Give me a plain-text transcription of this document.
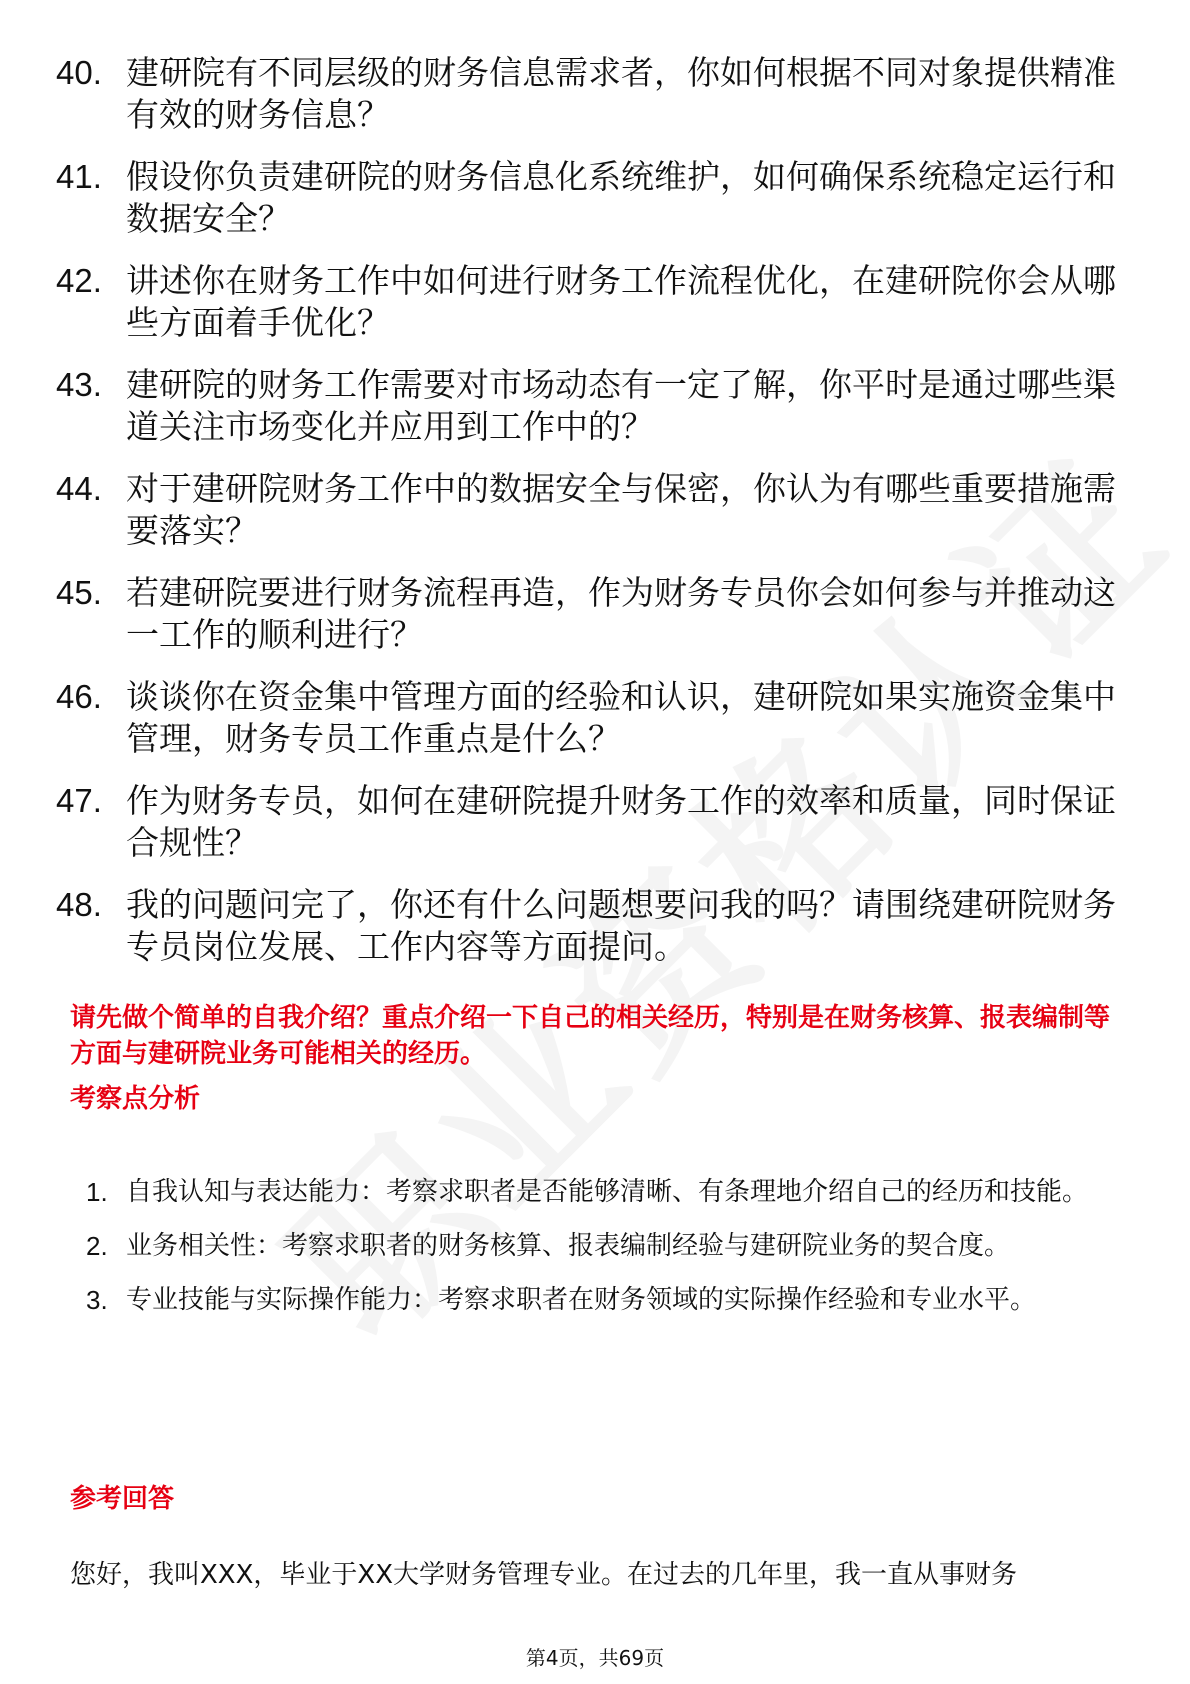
40. 建研院有不同层级的财务信息需求者，你如何根据不同对象提供精准有效的财务信息？
41. 假设你负责建研院的财务信息化系统维护，如何确保系统稳定运行和数据安全？
42. 讲述你在财务工作中如何进行财务工作流程优化，在建研院你会从哪些方面着手优化？
43. 建研院的财务工作需要对市场动态有一定了解，你平时是通过哪些渠道关注市场变化并应用到工作中的？
44. 对于建研院财务工作中的数据安全与保密，你认为有哪些重要措施需要落实？
45. 若建研院要进行财务流程再造，作为财务专员你会如何参与并推动这一工作的顺利进行？
46. 谈谈你在资金集中管理方面的经验和认识，建研院如果实施资金集中管理，财务专员工作重点是什么？
47. 作为财务专员，如何在建研院提升财务工作的效率和质量，同时保证合规性？
48. 我的问题问完了，你还有什么问题想要问我的吗？请围绕建研院财务专员岗位发展、工作内容等方面提问。
请先做个简单的自我介绍？重点介绍一下自己的相关经历，特别是在财务核算、报表编制等方面与建研院业务可能相关的经历。
考察点分析
1. 自我认知与表达能力：考察求职者是否能够清晰、有条理地介绍自己的经历和技能。
2. 业务相关性：考察求职者的财务核算、报表编制经验与建研院业务的契合度。
3. 专业技能与实际操作能力：考察求职者在财务领域的实际操作经验和专业水平。
参考回答
您好，我叫XXX，毕业于XX大学财务管理专业。在过去的几年里，我一直从事财务
第4页，共69页
